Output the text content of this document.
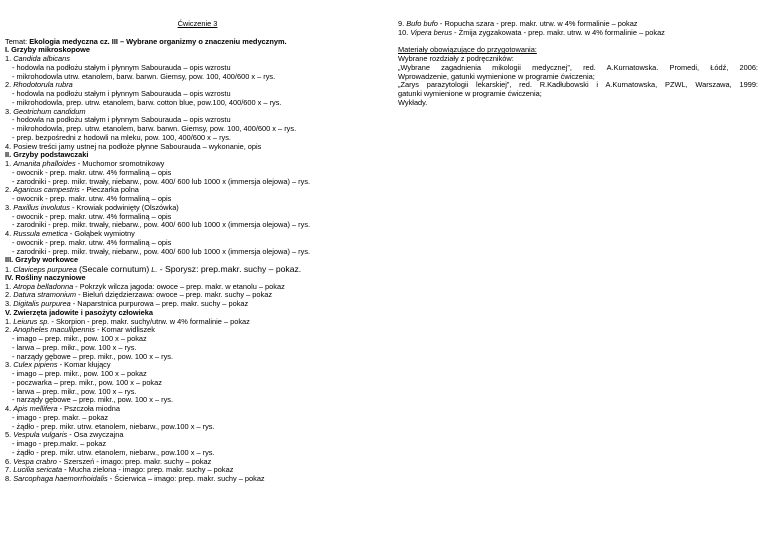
Ćwiczenie 3
Temat: Ekologia medyczna cz. III – Wybrane organizmy o znaczeniu medycznym.
I. Grzyby mikroskopowe
1. Candida albicans
- hodowla na podłożu stałym i płynnym Sabourauda – opis wzrostu
- mikrohodowla utrw. etanolem, barw. barwn. Giemsy, pow. 100, 400/600 x – rys.
2. Rhodotorula rubra
- hodowla na podłożu stałym i płynnym Sabourauda – opis wzrostu
- mikrohodowla, prep. utrw. etanolem, barw. cotton blue, pow.100, 400/600 x – rys.
3. Geotrichum candidum
- hodowla na podłożu stałym i płynnym Sabourauda – opis wzrostu
- mikrohodowla, prep. utrw. etanolem, barw. barwn. Giemsy, pow. 100, 400/600 x – rys.
- prep. bezpośredni z hodowli na mleku, pow. 100, 400/600 x – rys.
4. Posiew treści jamy ustnej na podłoże płynne Sabourauda – wykonanie, opis
II. Grzyby podstawczaki
1. Amanita phalloides - Muchomor sromotnikowy
- owocnik - prep. makr. utrw. 4% formaliną – opis
- zarodniki - prep. mikr. trwały, niebarw., pow. 400/ 600 lub 1000 x (immersja olejowa) – rys.
2. Agaricus campestris - Pieczarka polna
- owocnik - prep. makr. utrw. 4% formaliną – opis
3. Paxillus involutus - Krowiak podwinięty (Olszówka)
- owocnik - prep. makr. utrw. 4% formaliną – opis
- zarodniki - prep. mikr. trwały, niebarw., pow. 400/ 600 lub 1000 x (immersja olejowa) – rys.
4. Russula emetica - Gołąbek wymiotny
- owocnik - prep. makr. utrw. 4% formaliną – opis
- zarodniki - prep. mikr. trwały, niebarw., pow. 400/ 600 lub 1000 x (immersja olejowa) – rys.
III. Grzyby workowce
1. Claviceps purpurea (Secale cornutum) L. - Sporysz: prep.makr. suchy – pokaz.
IV. Rośliny naczyniowe
1. Atropa belladonna - Pokrzyk wilcza jagoda: owoce – prep. makr. w etanolu – pokaz
2. Datura stramonium - Bieluń dziędzierzawa: owoce – prep. makr. suchy – pokaz
3. Digitalis purpurea - Naparstnica purpurowa – prep. makr. suchy – pokaz
V. Zwierzęta jadowite i pasożyty człowieka
1. Leiurus sp. - Skorpion - prep. makr. suchy/utrw. w 4% formalinie – pokaz
2. Anopheles macullipennis - Komar widliszek
- imago – prep. mikr., pow. 100 x – pokaz
- larwa – prep. mikr., pow. 100 x – rys.
- narządy gębowe – prep. mikr., pow. 100 x – rys.
3. Culex pipiens - Komar kłujący
- imago – prep. mikr., pow. 100 x – pokaz
- poczwarka – prep. mikr., pow. 100 x – pokaz
- larwa – prep. mikr., pow. 100 x – rys.
- narządy gębowe – prep. mikr., pow. 100 x – rys.
4. Apis mellifera - Pszczoła miodna
- imago - prep. makr. – pokaz
- żądło - prep. mikr. utrw. etanolem, niebarw., pow.100 x – rys.
5. Vespula vulgaris - Osa zwyczajna
- imago - prep.makr. – pokaz
- żądło - prep. mikr. utrw. etanolem, niebarw., pow.100 x – rys.
6. Vespa crabro - Szerszeń - imago: prep. makr. suchy – pokaz
7. Lucilia sericata - Mucha zielona - imago: prep. makr. suchy – pokaz
8. Sarcophaga haemorrhoidalis - Ścierwica – imago: prep. makr. suchy – pokaz
9. Bufo bufo - Ropucha szara - prep. makr. utrw. w 4% formalinie – pokaz
10. Vipera berus - Żmija zygzakowata - prep. makr. utrw. w 4% formalinie – pokaz
Materiały obowiązujące do przygotowania:
Wybrane rozdziały z podręczników:
„Wybrane zagadnienia mikologii medycznej”, red. A.Kurnatowska. Promedi, Łódź, 2006:
Wprowadzenie, gatunki wymienione w programie ćwiczenia;
„Zarys parazytologii lekarskiej”, red. R.Kadłubowski i A.Kurnatowska, PZWL, Warszawa, 1999:
gatunki wymienione w programie ćwiczenia;
Wykłady.
